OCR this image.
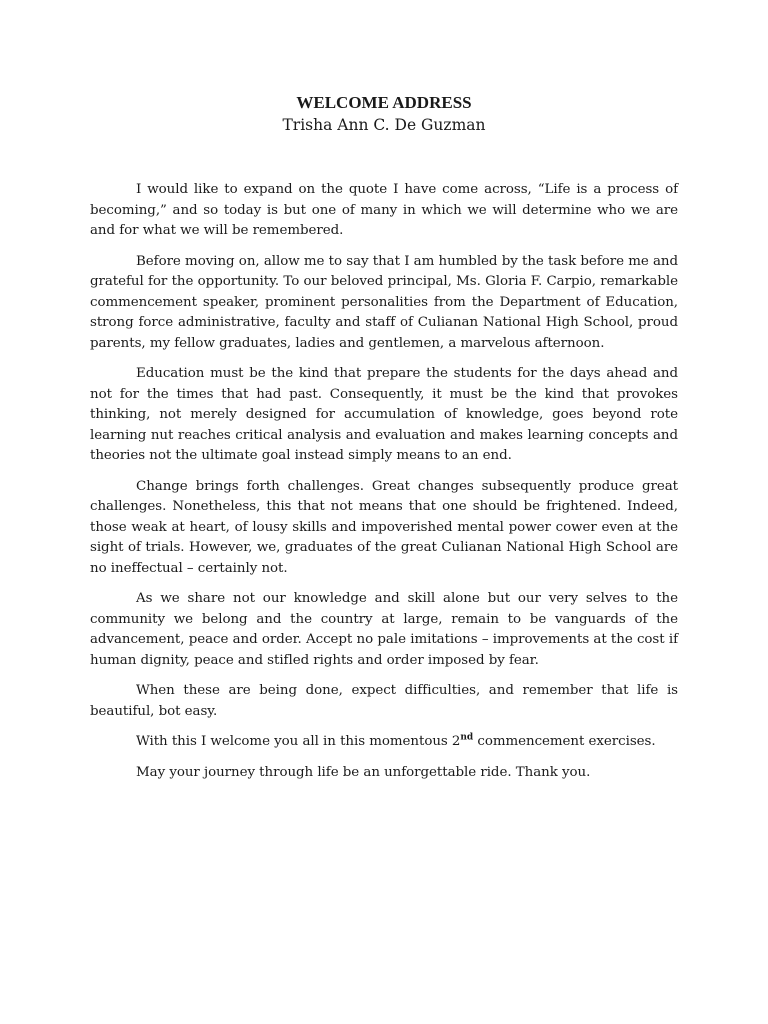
WELCOME ADDRESS

Trisha Ann C. De Guzman

I would like to expand on the quote I have come across, “Life is a process of becoming,” and so today is but one of many in which we will determine who we are and for what we will be remembered.

Before moving on, allow me to say that I am humbled by the task before me and grateful for the opportunity. To our beloved principal, Ms. Gloria F. Carpio, remarkable commencement speaker, prominent personalities from the Department of Education, strong force administrative, faculty and staff of Culianan National High School, proud parents, my fellow graduates, ladies and gentlemen, a marvelous afternoon.

Education must be the kind that prepare the students for the days ahead and not for the times that had past. Consequently, it must be the kind that provokes thinking, not merely designed for accumulation of knowledge, goes beyond rote learning nut reaches critical analysis and evaluation and makes learning concepts and theories not the ultimate goal instead simply means to an end.

Change brings forth challenges. Great changes subsequently produce great challenges. Nonetheless, this that not means that one should be frightened. Indeed, those weak at heart, of lousy skills and impoverished mental power cower even at the sight of trials. However, we, graduates of the great Culianan National High School are no ineffectual – certainly not.

As we share not our knowledge and skill alone but our very selves to the community we belong and the country at large, remain to be vanguards of the advancement, peace and order. Accept no pale imitations – improvements at the cost if human dignity, peace and stifled rights and order imposed by fear.

When these are being done, expect difficulties, and remember that life is beautiful, bot easy.

With this I welcome you all in this momentous 2nd commencement exercises.

May your journey through life be an unforgettable ride. Thank you.
